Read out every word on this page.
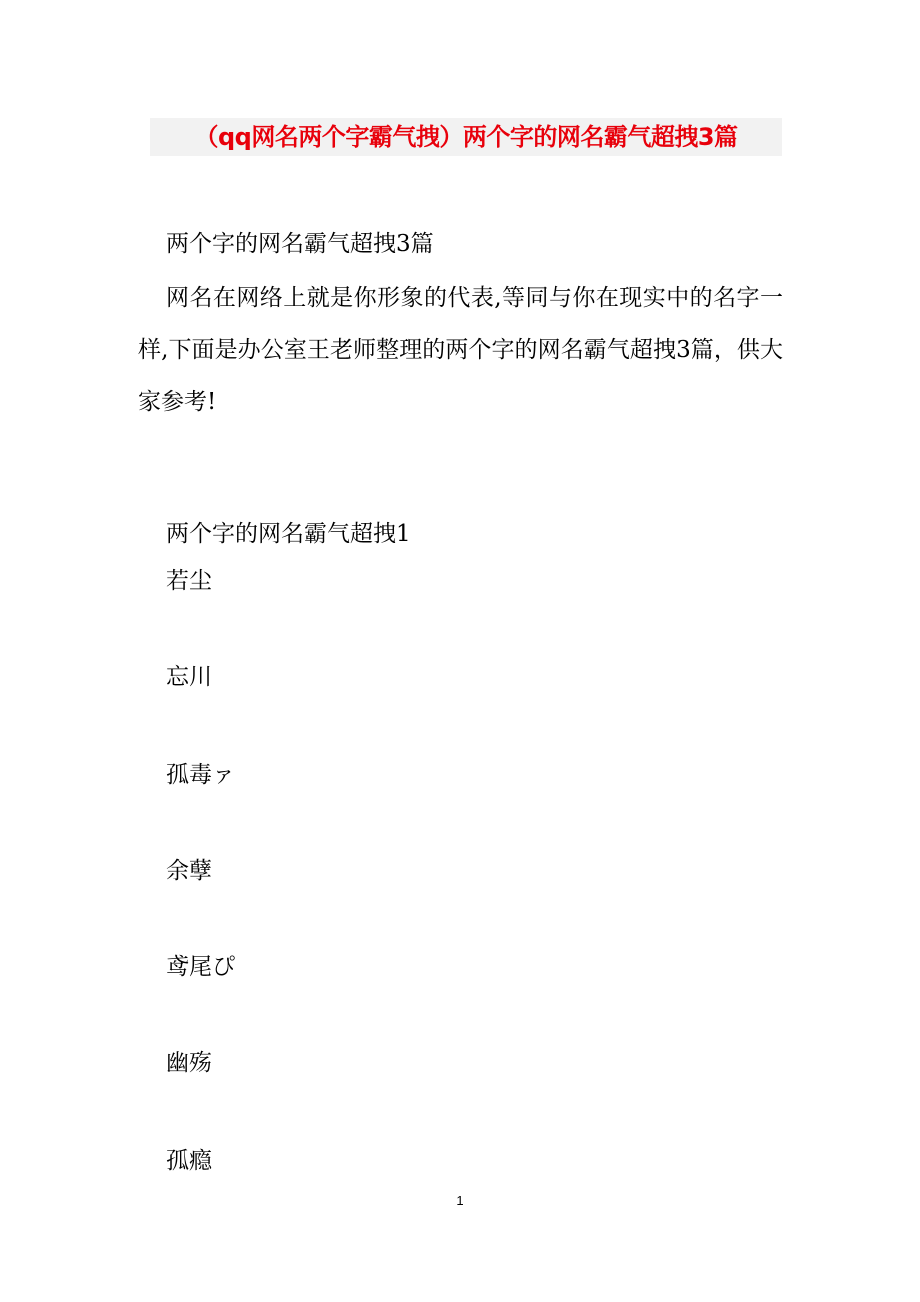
（qq网名两个字霸气拽）两个字的网名霸气超拽3篇
两个字的网名霸气超拽3篇
网名在网络上就是你形象的代表,等同与你在现实中的名字一样,下面是办公室王老师整理的两个字的网名霸气超拽3篇，供大家参考!
两个字的网名霸气超拽1
若尘
忘川
孤毒ァ
余孽
鸢尾ぴ
幽殇
孤瘾
1
